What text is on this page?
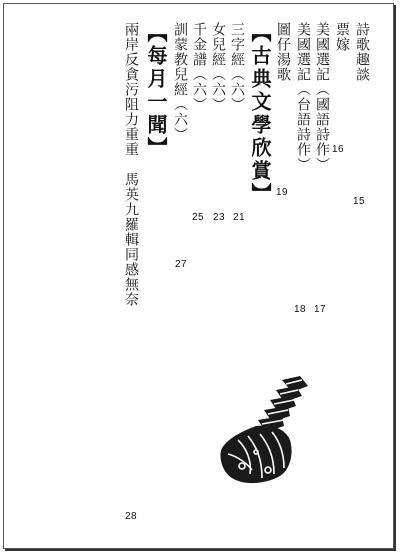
詩歌趣談
15
票嫁
16
美國選記（國語詩作）
17
美國選記（台語詩作）
18
圖仔湯歌
19
【古典文學欣賞】
三字經（六）
21
女兒經（六）
23
千金譜（六）
25
訓蒙教兒經（六）
27
【每月一聞】
兩岸反貪污阻力重重　馬英九羅輯同感無奈
28
